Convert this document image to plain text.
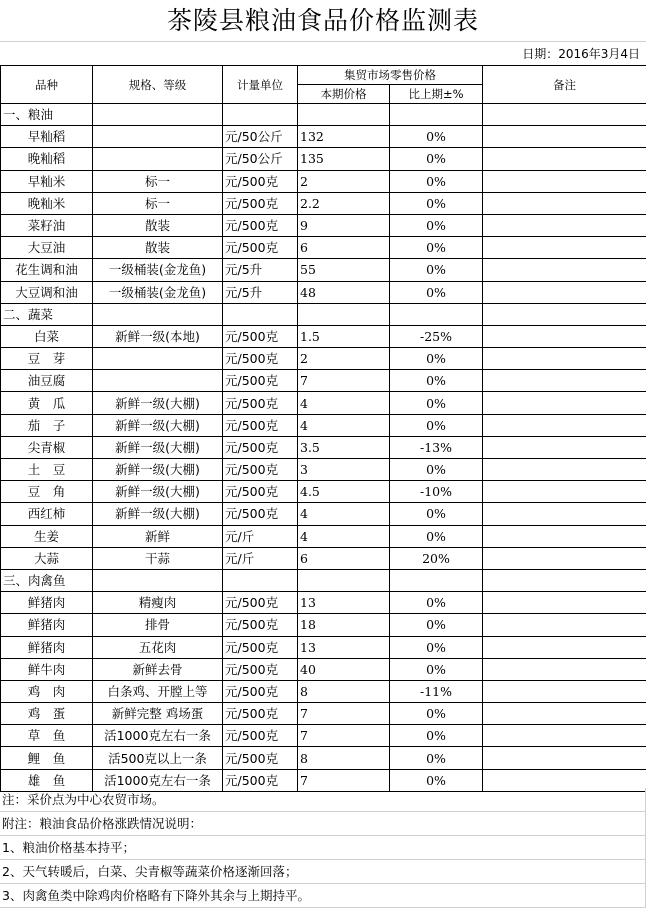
茶陵县粮油食品价格监测表
日期：2016年3月4日
品种	规格、等级	计量单位	集贸市场零售价格		备注
			本期价格	比上期±%	
一、粮油					
早籼稻		元/50公斤	132	0%	
晚籼稻		元/50公斤	135	0%	
早籼米	标一	元/500克	2	0%	
晚籼米	标一	元/500克	2.2	0%	
菜籽油	散装	元/500克	9	0%	
大豆油	散装	元/500克	6	0%	
花生调和油	一级桶装(金龙鱼)	元/5升	55	0%	
大豆调和油	一级桶装(金龙鱼)	元/5升	48	0%	
二、蔬菜					
白菜	新鲜一级(本地)	元/500克	1.5	-25%	
豆　芽		元/500克	2	0%	
油豆腐		元/500克	7	0%	
黄　瓜	新鲜一级(大棚)	元/500克	4	0%	
茄　子	新鲜一级(大棚)	元/500克	4	0%	
尖青椒	新鲜一级(大棚)	元/500克	3.5	-13%	
土　豆	新鲜一级(大棚)	元/500克	3	0%	
豆　角	新鲜一级(大棚)	元/500克	4.5	-10%	
西红柿	新鲜一级(大棚)	元/500克	4	0%	
生姜	新鲜	元/斤	4	0%	
大蒜	干蒜	元/斤	6	20%	
三、肉禽鱼					
鲜猪肉	精瘦肉	元/500克	13	0%	
鲜猪肉	排骨	元/500克	18	0%	
鲜猪肉	五花肉	元/500克	13	0%	
鲜牛肉	新鲜去骨	元/500克	40	0%	
鸡　肉	白条鸡、开膛上等	元/500克	8	-11%	
鸡　蛋	新鲜完整 鸡场蛋	元/500克	7	0%	
草　鱼	活1000克左右一条	元/500克	7	0%	
鲤　鱼	活500克以上一条	元/500克	8	0%	
雄　鱼	活1000克左右一条	元/500克	7	0%	
注：采价点为中心农贸市场。
附注：粮油食品价格涨跌情况说明：
1、粮油价格基本持平；
2、天气转暖后，白菜、尖青椒等蔬菜价格逐渐回落；
3、肉禽鱼类中除鸡肉价格略有下降外其余与上期持平。
